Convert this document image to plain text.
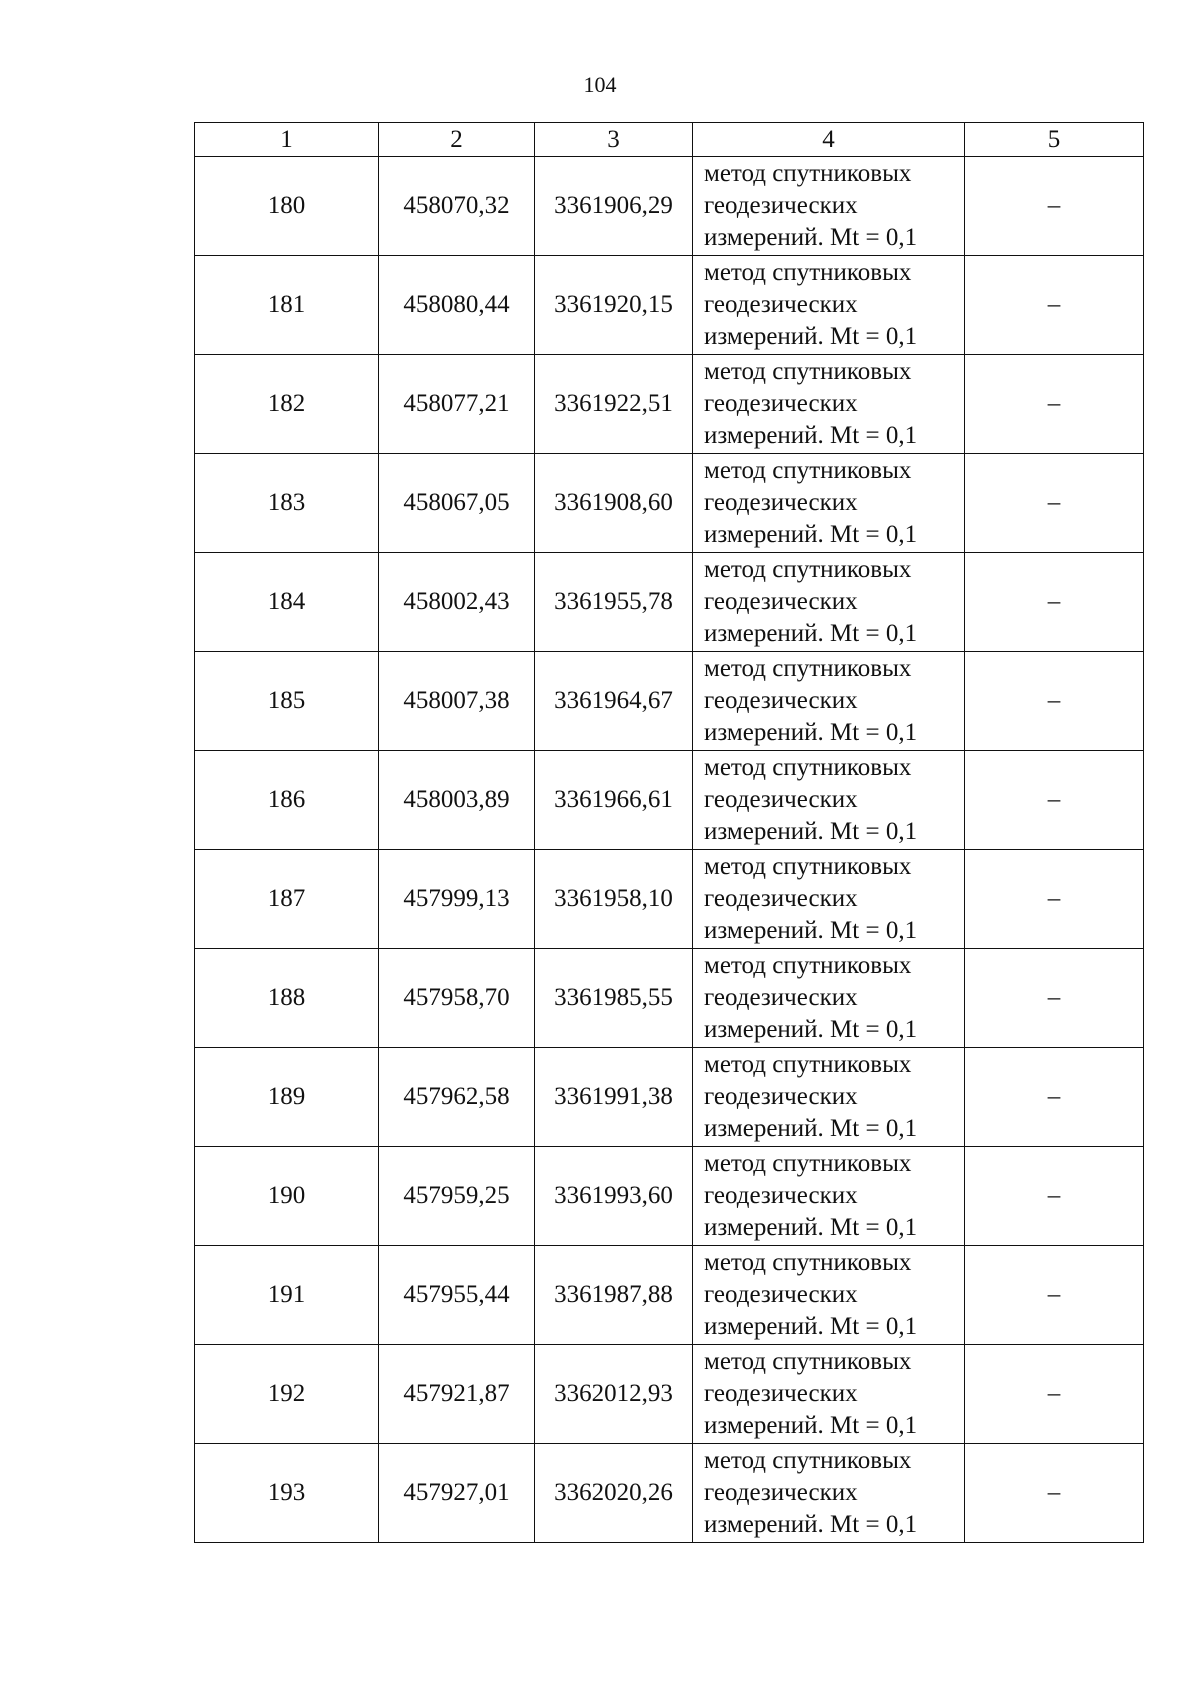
104
1	2	3	4	5
180	458070,32	3361906,29	метод спутниковых
геодезических
измерений. Mt = 0,1	–
181	458080,44	3361920,15	метод спутниковых
геодезических
измерений. Mt = 0,1	–
182	458077,21	3361922,51	метод спутниковых
геодезических
измерений. Mt = 0,1	–
183	458067,05	3361908,60	метод спутниковых
геодезических
измерений. Mt = 0,1	–
184	458002,43	3361955,78	метод спутниковых
геодезических
измерений. Mt = 0,1	–
185	458007,38	3361964,67	метод спутниковых
геодезических
измерений. Mt = 0,1	–
186	458003,89	3361966,61	метод спутниковых
геодезических
измерений. Mt = 0,1	–
187	457999,13	3361958,10	метод спутниковых
геодезических
измерений. Mt = 0,1	–
188	457958,70	3361985,55	метод спутниковых
геодезических
измерений. Mt = 0,1	–
189	457962,58	3361991,38	метод спутниковых
геодезических
измерений. Mt = 0,1	–
190	457959,25	3361993,60	метод спутниковых
геодезических
измерений. Mt = 0,1	–
191	457955,44	3361987,88	метод спутниковых
геодезических
измерений. Mt = 0,1	–
192	457921,87	3362012,93	метод спутниковых
геодезических
измерений. Mt = 0,1	–
193	457927,01	3362020,26	метод спутниковых
геодезических
измерений. Mt = 0,1	–
